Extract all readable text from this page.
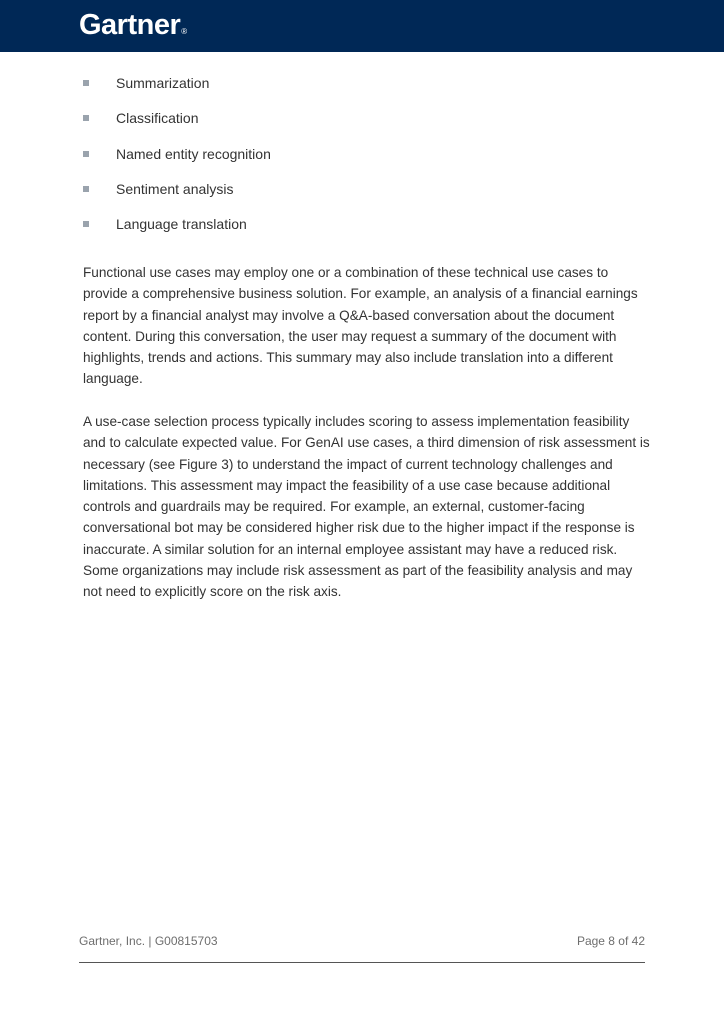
Gartner®
Summarization
Classification
Named entity recognition
Sentiment analysis
Language translation

Functional use cases may employ one or a combination of these technical use cases to provide a comprehensive business solution. For example, an analysis of a financial earnings report by a financial analyst may involve a Q&A-based conversation about the document content. During this conversation, the user may request a summary of the document with highlights, trends and actions. This summary may also include translation into a different language.

A use-case selection process typically includes scoring to assess implementation feasibility and to calculate expected value. For GenAI use cases, a third dimension of risk assessment is necessary (see Figure 3) to understand the impact of current technology challenges and limitations. This assessment may impact the feasibility of a use case because additional controls and guardrails may be required. For example, an external, customer-facing conversational bot may be considered higher risk due to the higher impact if the response is inaccurate. A similar solution for an internal employee assistant may have a reduced risk. Some organizations may include risk assessment as part of the feasibility analysis and may not need to explicitly score on the risk axis.

Gartner, Inc. | G00815703	Page 8 of 42
